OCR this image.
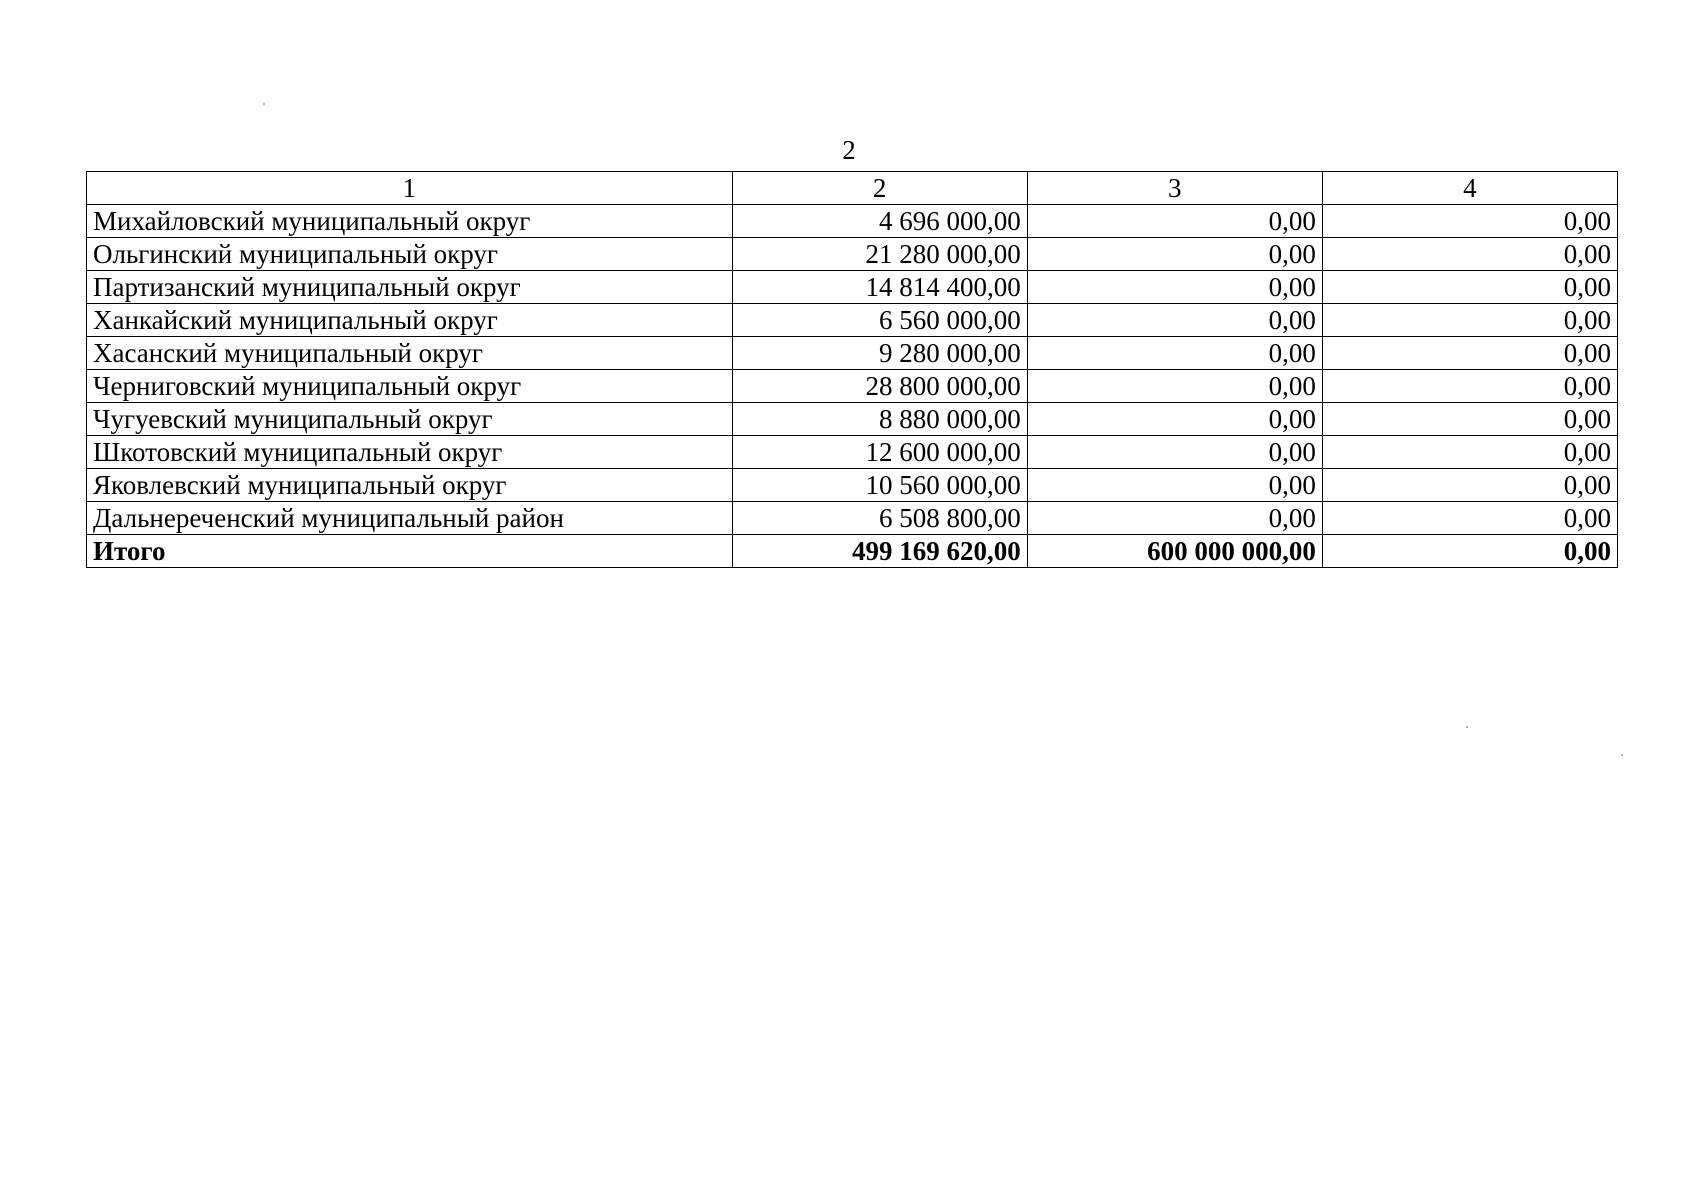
2
1	2	3	4
Михайловский муниципальный округ	4 696 000,00	0,00	0,00
Ольгинский муниципальный округ	21 280 000,00	0,00	0,00
Партизанский муниципальный округ	14 814 400,00	0,00	0,00
Ханкайский муниципальный округ	6 560 000,00	0,00	0,00
Хасанский муниципальный округ	9 280 000,00	0,00	0,00
Черниговский муниципальный округ	28 800 000,00	0,00	0,00
Чугуевский муниципальный округ	8 880 000,00	0,00	0,00
Шкотовский муниципальный округ	12 600 000,00	0,00	0,00
Яковлевский муниципальный округ	10 560 000,00	0,00	0,00
Дальнереченский муниципальный район	6 508 800,00	0,00	0,00
Итого	499 169 620,00	600 000 000,00	0,00
